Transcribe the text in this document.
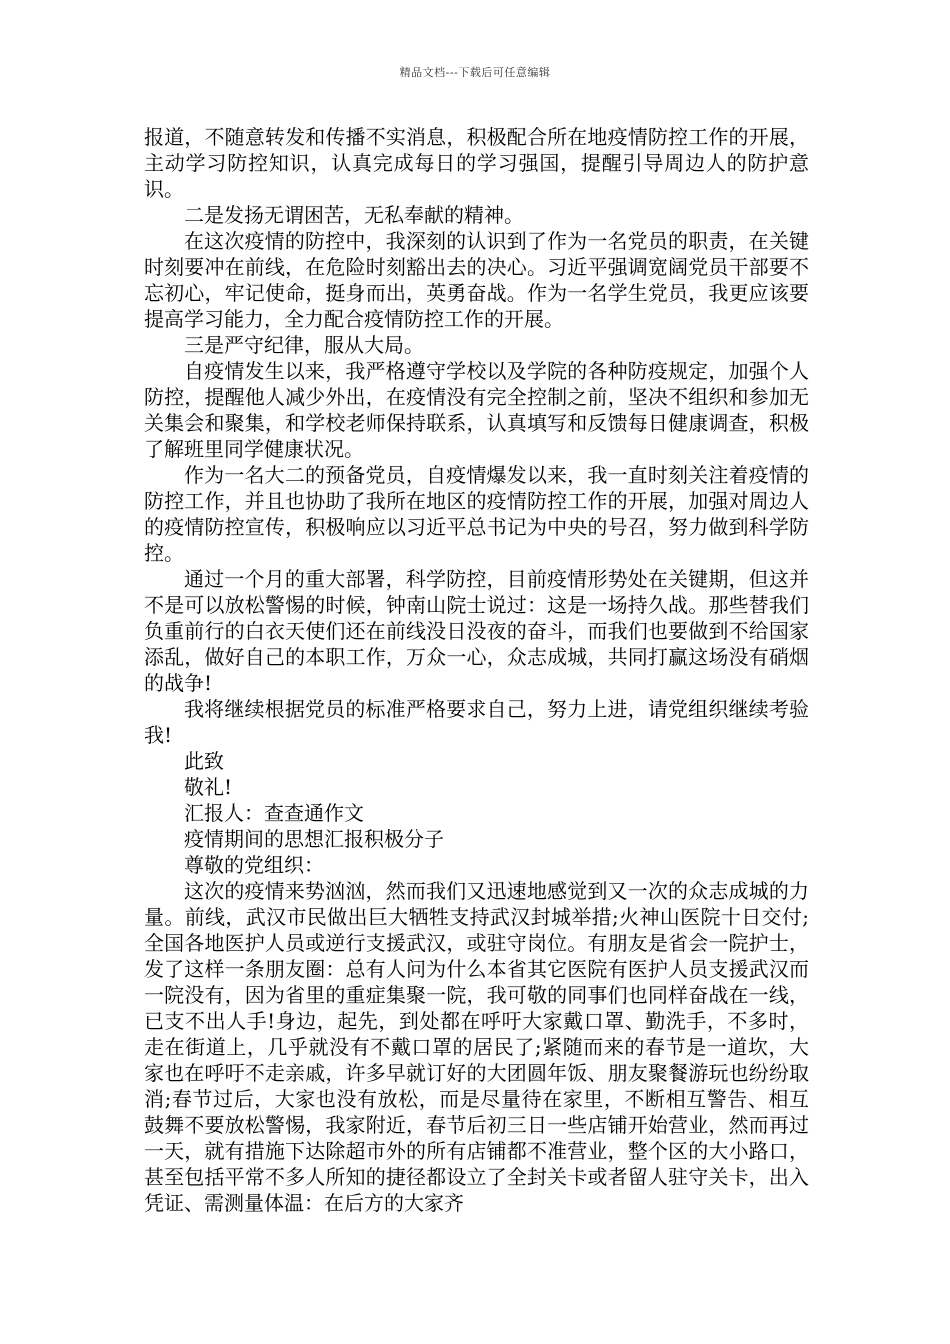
精品文档---下载后可任意编辑

报道，不随意转发和传播不实消息，积极配合所在地疫情防控工作的开展，主动学习防控知识，认真完成每日的学习强国，提醒引导周边人的防护意识。

二是发扬无谓困苦，无私奉献的精神。

在这次疫情的防控中，我深刻的认识到了作为一名党员的职责，在关键时刻要冲在前线，在危险时刻豁出去的决心。习近平强调宽阔党员干部要不忘初心，牢记使命，挺身而出，英勇奋战。作为一名学生党员，我更应该要提高学习能力，全力配合疫情防控工作的开展。

三是严守纪律，服从大局。

自疫情发生以来，我严格遵守学校以及学院的各种防疫规定，加强个人防控，提醒他人减少外出，在疫情没有完全控制之前，坚决不组织和参加无关集会和聚集，和学校老师保持联系，认真填写和反馈每日健康调查，积极了解班里同学健康状况。

作为一名大二的预备党员，自疫情爆发以来，我一直时刻关注着疫情的防控工作，并且也协助了我所在地区的疫情防控工作的开展，加强对周边人的疫情防控宣传，积极响应以习近平总书记为中央的号召，努力做到科学防控。

通过一个月的重大部署，科学防控，目前疫情形势处在关键期，但这并不是可以放松警惕的时候，钟南山院士说过：这是一场持久战。那些替我们负重前行的白衣天使们还在前线没日没夜的奋斗，而我们也要做到不给国家添乱，做好自己的本职工作，万众一心，众志成城，共同打赢这场没有硝烟的战争!

我将继续根据党员的标准严格要求自己，努力上进，请党组织继续考验我!

此致

敬礼!

汇报人：查查通作文

疫情期间的思想汇报积极分子

尊敬的党组织：

这次的疫情来势汹汹，然而我们又迅速地感觉到又一次的众志成城的力量。前线，武汉市民做出巨大牺牲支持武汉封城举措;火神山医院十日交付;全国各地医护人员或逆行支援武汉，或驻守岗位。有朋友是省会一院护士，发了这样一条朋友圈：总有人问为什么本省其它医院有医护人员支援武汉而一院没有，因为省里的重症集聚一院，我可敬的同事们也同样奋战在一线，已支不出人手!身边，起先，到处都在呼吁大家戴口罩、勤洗手，不多时，走在街道上，几乎就没有不戴口罩的居民了;紧随而来的春节是一道坎，大家也在呼吁不走亲戚，许多早就订好的大团圆年饭、朋友聚餐游玩也纷纷取消;春节过后，大家也没有放松，而是尽量待在家里，不断相互警告、相互鼓舞不要放松警惕，我家附近，春节后初三日一些店铺开始营业，然而再过一天，就有措施下达除超市外的所有店铺都不准营业，整个区的大小路口，甚至包括平常不多人所知的捷径都设立了全封关卡或者留人驻守关卡，出入凭证、需测量体温：在后方的大家齐
